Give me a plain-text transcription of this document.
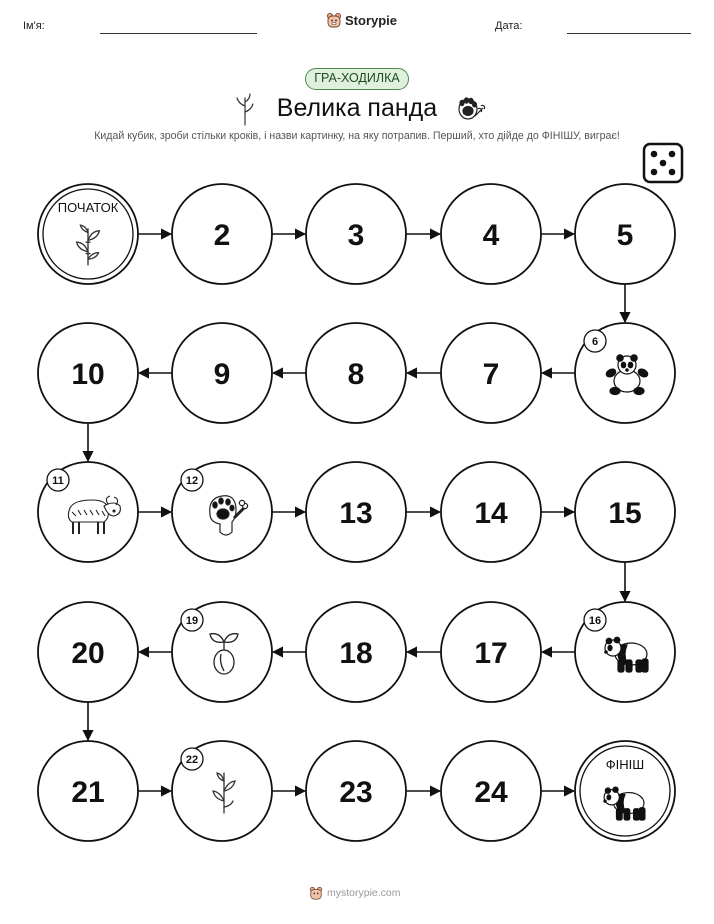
Ім'я:	Storypie	Дата:
ГРА-ХОДИЛКА
Велика панда
Кидай кубик, зроби стільки кроків, і назви картинку, на яку потрапив. Перший, хто дійде до ФІНІШУ, виграє!
ПОЧАТОК
2	3	4	5
6
7
8
9
10
11	12
13	14	15
16
17
18
19
20
21
22
23	24
ФІНІШ
mystorypie.com
